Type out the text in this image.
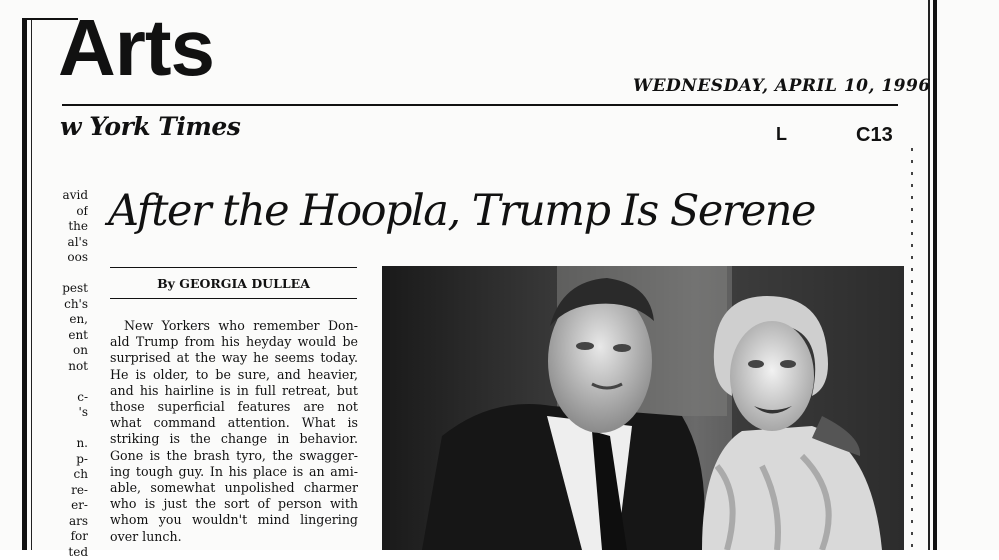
Arts	WEDNESDAY, APRIL 10, 1996
w York Times	L	C13
avid
of
the
al's
oos

pest
ch's
en,
ent
on
not

c-
's

n.
p-
ch
re-
er-
ars
for
ted
After the Hoopla, Trump Is Serene
By GEORGIA DULLEA
New Yorkers who remember Don-
ald Trump from his heyday would be
surprised at the way he seems today.
He is older, to be sure, and heavier,
and his hairline is in full retreat, but
those superficial features are not
what command attention. What is
striking is the change in behavior.
Gone is the brash tyro, the swagger-
ing tough guy. In his place is an ami-
able, somewhat unpolished charmer
who is just the sort of person with
whom you wouldn't mind lingering
over lunch.
